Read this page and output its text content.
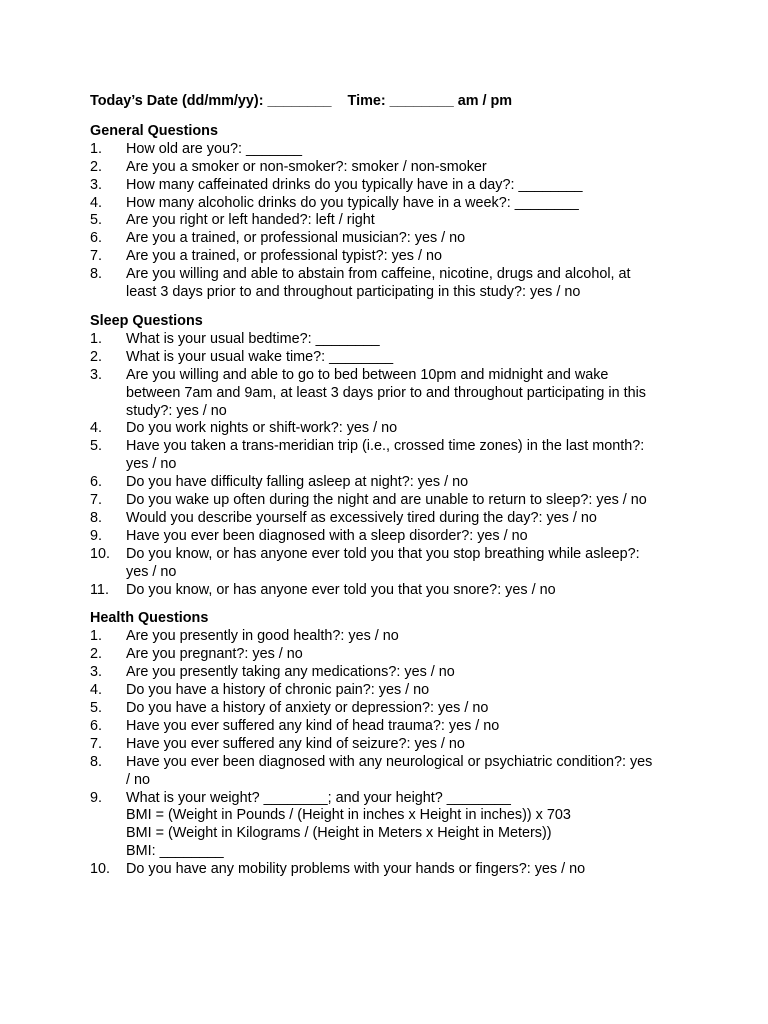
Today’s Date (dd/mm/yy): ________ Time: ________ am / pm
General Questions
1.	How old are you?: _______
2.	Are you a smoker or non-smoker?: smoker / non-smoker
3.	How many caffeinated drinks do you typically have in a day?: ________
4.	How many alcoholic drinks do you typically have in a week?: ________
5.	Are you right or left handed?: left / right
6.	Are you a trained, or professional musician?: yes / no
7.	Are you a trained, or professional typist?: yes / no
8.	Are you willing and able to abstain from caffeine, nicotine, drugs and alcohol, at
least 3 days prior to and throughout participating in this study?: yes / no
Sleep Questions
1.	What is your usual bedtime?: ________
2.	What is your usual wake time?: ________
3.	Are you willing and able to go to bed between 10pm and midnight and wake
between 7am and 9am, at least 3 days prior to and throughout participating in this
study?: yes / no
4.	Do you work nights or shift-work?: yes / no
5.	Have you taken a trans-meridian trip (i.e., crossed time zones) in the last month?:
yes / no
6.	Do you have difficulty falling asleep at night?: yes / no
7.	Do you wake up often during the night and are unable to return to sleep?: yes / no
8.	Would you describe yourself as excessively tired during the day?: yes / no
9.	Have you ever been diagnosed with a sleep disorder?: yes / no
10.	Do you know, or has anyone ever told you that you stop breathing while asleep?:
yes / no
11.	Do you know, or has anyone ever told you that you snore?: yes / no
Health Questions
1.	Are you presently in good health?: yes / no
2.	Are you pregnant?: yes / no
3.	Are you presently taking any medications?: yes / no
4.	Do you have a history of chronic pain?: yes / no
5.	Do you have a history of anxiety or depression?: yes / no
6.	Have you ever suffered any kind of head trauma?: yes / no
7.	Have you ever suffered any kind of seizure?: yes / no
8.	Have you ever been diagnosed with any neurological or psychiatric condition?: yes
/ no
9.	What is your weight? ________; and your height? ________
BMI = (Weight in Pounds / (Height in inches x Height in inches)) x 703
BMI = (Weight in Kilograms / (Height in Meters x Height in Meters))
BMI: ________
10.	Do you have any mobility problems with your hands or fingers?: yes / no
